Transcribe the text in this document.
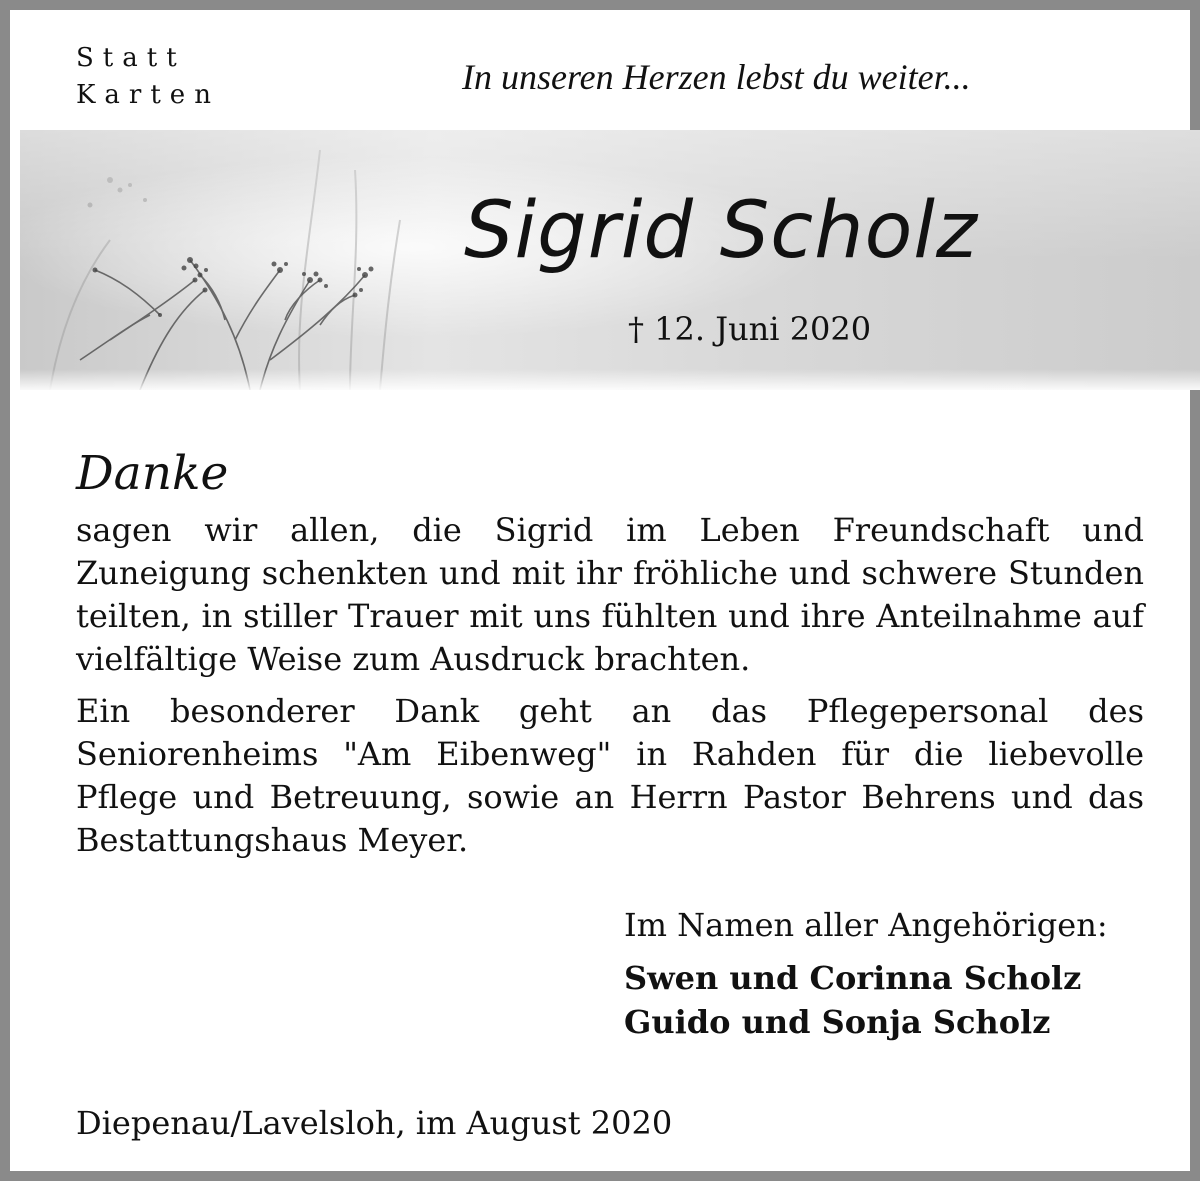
Statt
Karten	In unseren Herzen lebst du weiter...

Sigrid Scholz

† 12. Juni 2020

Danke

sagen wir allen, die Sigrid im Leben Freundschaft und Zuneigung schenkten und mit ihr fröhliche und schwere Stunden teilten, in stiller Trauer mit uns fühlten und ihre Anteilnahme auf vielfältige Weise zum Ausdruck brachten.

Ein besonderer Dank geht an das Pflegepersonal des Seniorenheims "Am Eibenweg" in Rahden für die liebevolle Pflege und Betreuung, sowie an Herrn Pastor Behrens und das Bestattungshaus Meyer.

Im Namen aller Angehörigen:

Swen und Corinna Scholz
Guido und Sonja Scholz

Diepenau/Lavelsloh, im August 2020
